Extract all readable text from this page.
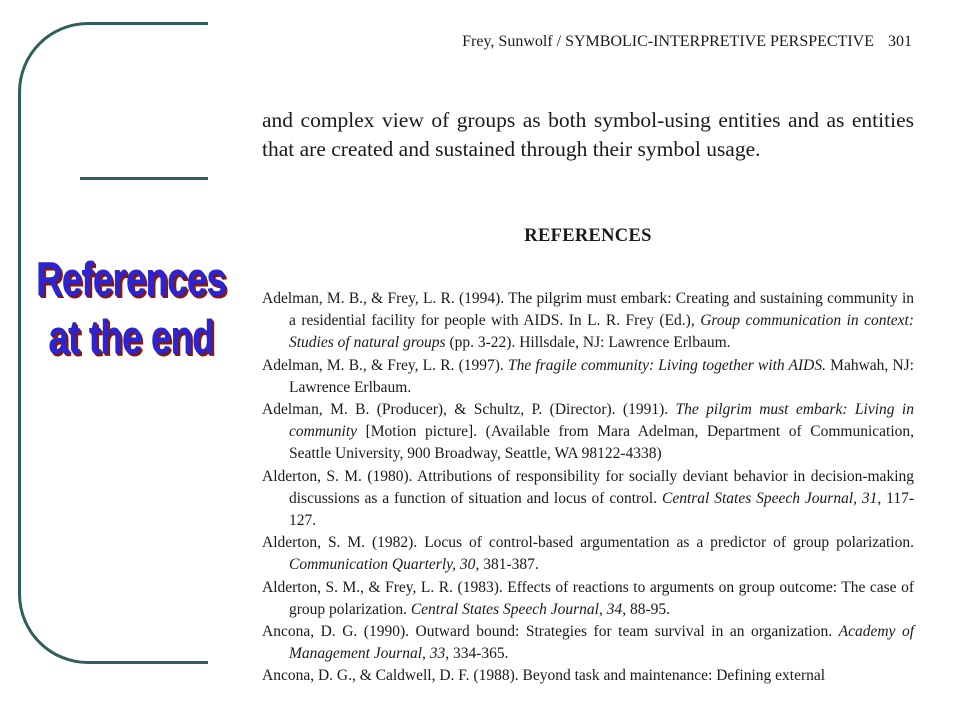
References
at the end
Frey, Sunwolf / SYMBOLIC-INTERPRETIVE PERSPECTIVE 301

and complex view of groups as both symbol-using entities and as entities that are created and sustained through their symbol usage.

REFERENCES
Adelman, M. B., & Frey, L. R. (1994). The pilgrim must embark: Creating and sustaining community in a residential facility for people with AIDS. In L. R. Frey (Ed.), Group communication in context: Studies of natural groups (pp. 3-22). Hillsdale, NJ: Lawrence Erlbaum.
Adelman, M. B., & Frey, L. R. (1997). The fragile community: Living together with AIDS. Mahwah, NJ: Lawrence Erlbaum.
Adelman, M. B. (Producer), & Schultz, P. (Director). (1991). The pilgrim must embark: Living in community [Motion picture]. (Available from Mara Adelman, Department of Communication, Seattle University, 900 Broadway, Seattle, WA 98122-4338)
Alderton, S. M. (1980). Attributions of responsibility for socially deviant behavior in decision-making discussions as a function of situation and locus of control. Central States Speech Journal, 31, 117-127.
Alderton, S. M. (1982). Locus of control-based argumentation as a predictor of group polarization. Communication Quarterly, 30, 381-387.
Alderton, S. M., & Frey, L. R. (1983). Effects of reactions to arguments on group outcome: The case of group polarization. Central States Speech Journal, 34, 88-95.
Ancona, D. G. (1990). Outward bound: Strategies for team survival in an organization. Academy of Management Journal, 33, 334-365.
Ancona, D. G., & Caldwell, D. F. (1988). Beyond task and maintenance: Defining external
